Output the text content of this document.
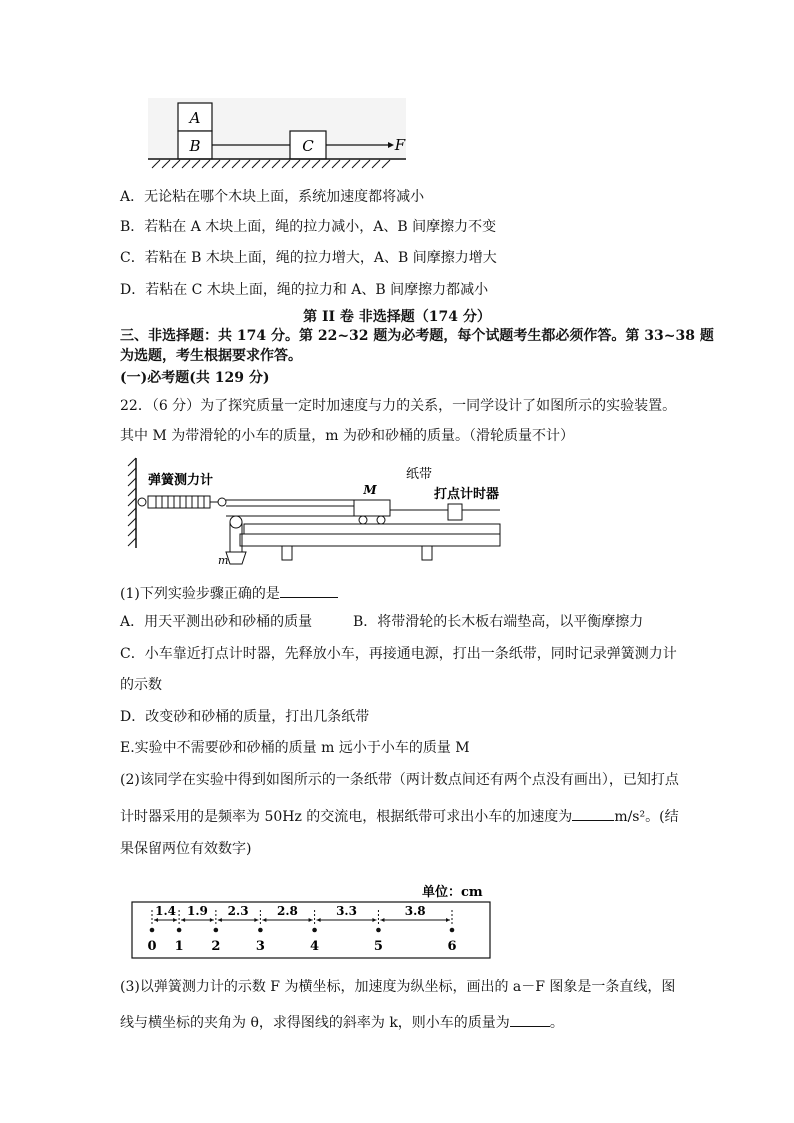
A
B	C	F
A．无论粘在哪个木块上面，系统加速度都将减小
B．若粘在 A 木块上面，绳的拉力减小，A、B 间摩擦力不变
C．若粘在 B 木块上面，绳的拉力增大，A、B 间摩擦力增大
D．若粘在 C 木块上面，绳的拉力和 A、B 间摩擦力都减小
第 II 卷 非选择题（174 分）
三、非选择题：共 174 分。第 22~32 题为必考题，每个试题考生都必须作答。第 33~38 题
为选题，考生根据要求作答。
(一)必考题(共 129 分)
22．（6 分）为了探究质量一定时加速度与力的关系，一同学设计了如图所示的实验装置。
其中 M 为带滑轮的小车的质量，m 为砂和砂桶的质量。（滑轮质量不计）
弹簧测力计
M
纸带
打点计时器
m
(1)下列实验步骤正确的是
A．用天平测出砂和砂桶的质量	B．将带滑轮的长木板右端垫高，以平衡摩擦力
C．小车靠近打点计时器，先释放小车，再接通电源，打出一条纸带，同时记录弹簧测力计
的示数
D．改变砂和砂桶的质量，打出几条纸带
E.实验中不需要砂和砂桶的质量 m 远小于小车的质量 M
(2)该同学在实验中得到如图所示的一条纸带（两计数点间还有两个点没有画出），已知打点
计时器采用的是频率为 50Hz 的交流电，根据纸带可求出小车的加速度为	m/s²。(结
果保留两位有效数字)
单位：cm
0 1 2	3	4	5	6
1.4 1.9 2.3 2.8	3.3	3.8
(3)以弹簧测力计的示数 F 为横坐标，加速度为纵坐标，画出的 a－F 图象是一条直线，图
线与横坐标的夹角为 θ，求得图线的斜率为 k，则小车的质量为	。
